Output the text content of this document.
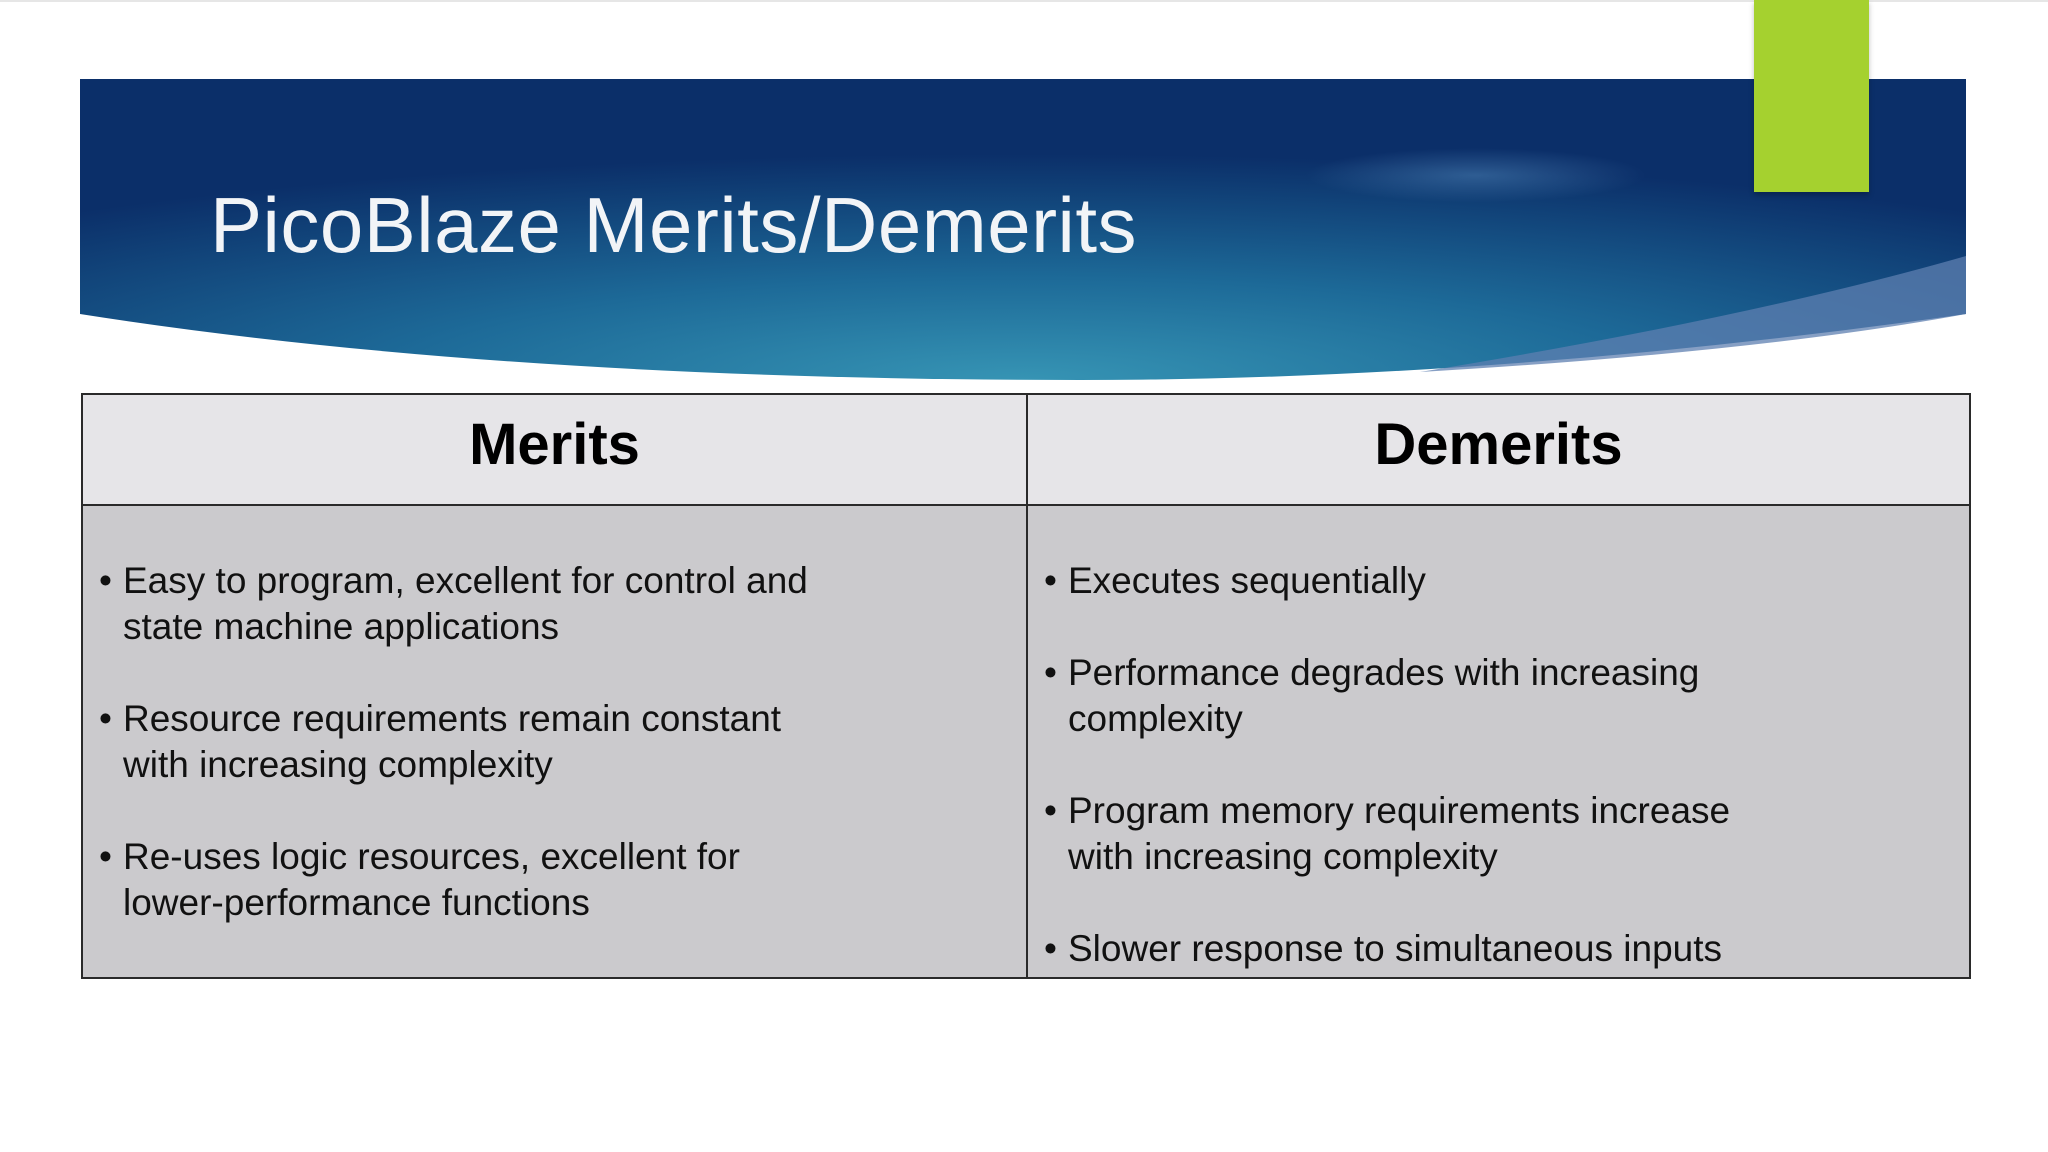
PicoBlaze Merits/Demerits
Merits	Demerits
• Easy to program, excellent for control and
state machine applications
• Resource requirements remain constant
with increasing complexity
• Re-uses logic resources, excellent for
lower-performance functions
• Executes sequentially
• Performance degrades with increasing
complexity
• Program memory requirements increase
with increasing complexity
• Slower response to simultaneous inputs
